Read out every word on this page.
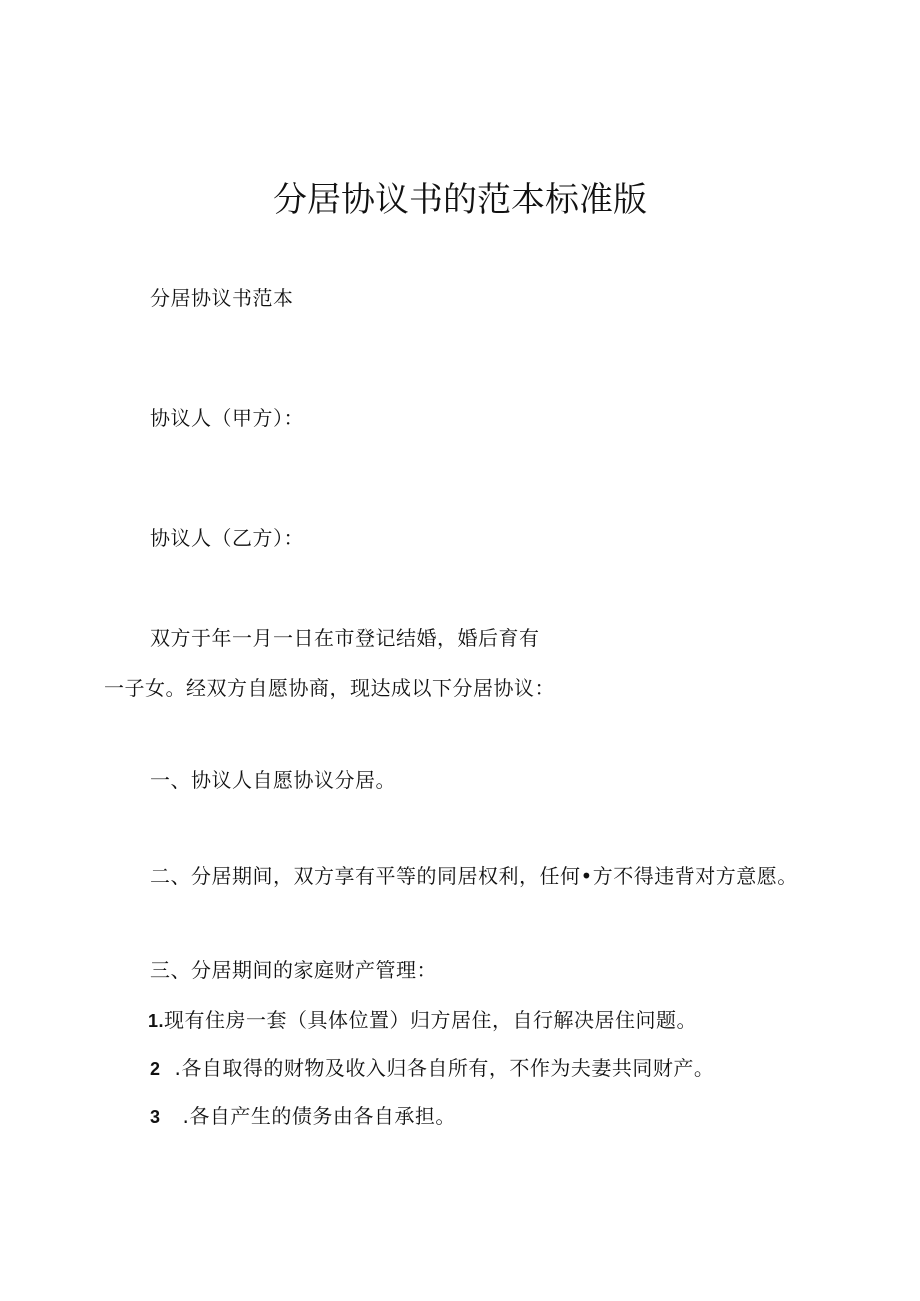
分居协议书的范本标准版
分居协议书范本
协议人（甲方）：
协议人（乙方）：
双方于年一月一日在市登记结婚，婚后育有
一子女。经双方自愿协商，现达成以下分居协议：
一、协议人自愿协议分居。
二、分居期间，双方享有平等的同居权利，任何•方不得违背对方意愿。
三、分居期间的家庭财产管理：
1.现有住房一套（具体位置）归方居住，自行解决居住问题。
2 .各自取得的财物及收入归各自所有，不作为夫妻共同财产。
3 .各自产生的债务由各自承担。
